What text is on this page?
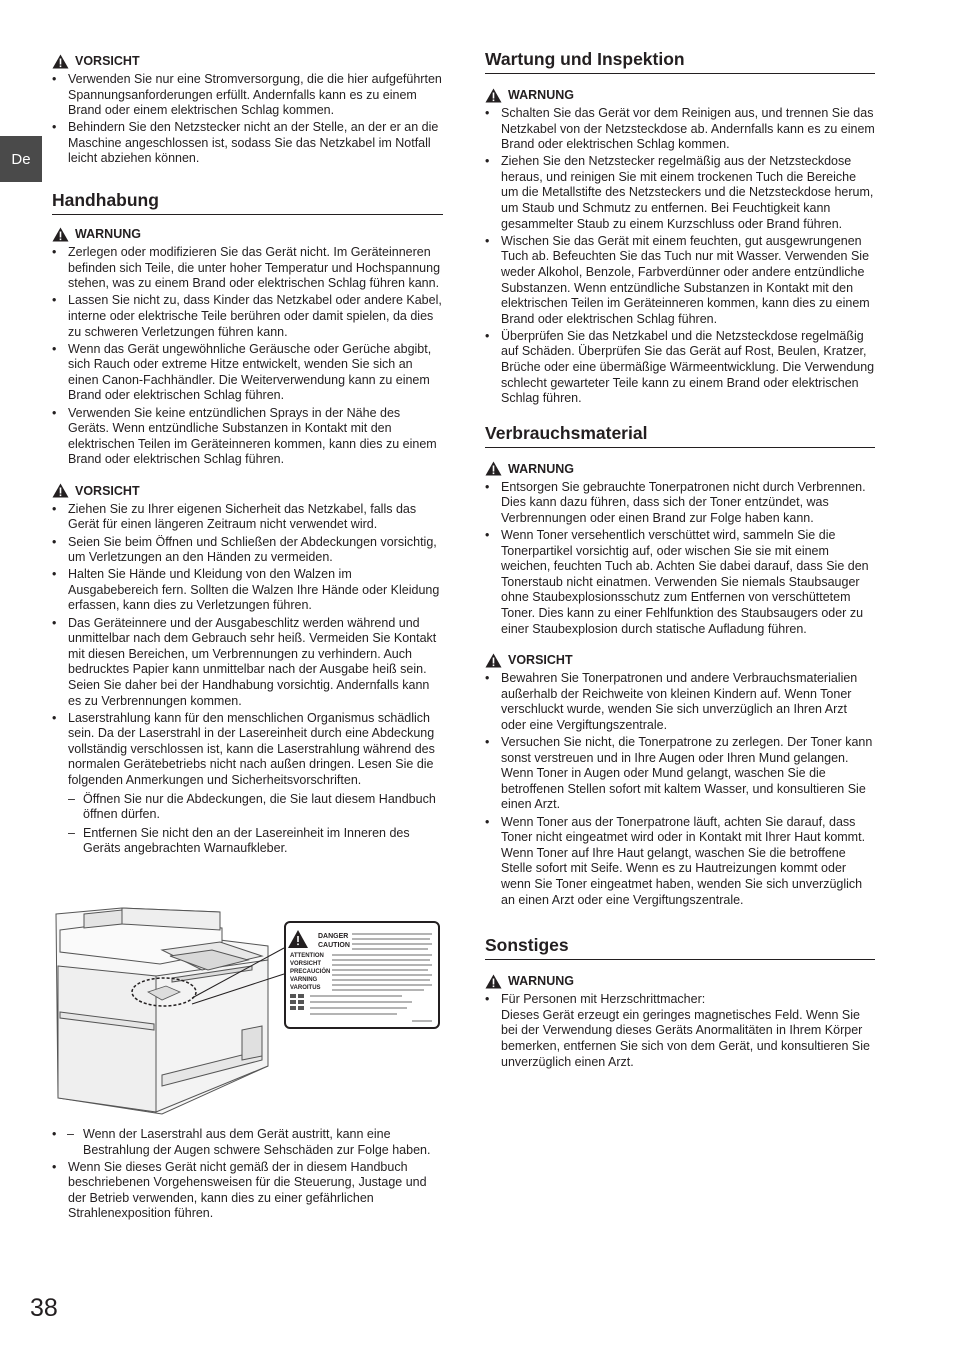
De
VORSICHT
• Verwenden Sie nur eine Stromversorgung, die die hier aufgeführten Spannungsanforderungen erfüllt. Andernfalls kann es zu einem Brand oder einem elektrischen Schlag kommen.
• Behindern Sie den Netzstecker nicht an der Stelle, an der er an die Maschine angeschlossen ist, sodass Sie das Netzkabel im Notfall leicht abziehen können.
Handhabung
WARNUNG
• Zerlegen oder modifizieren Sie das Gerät nicht. Im Geräteinneren befinden sich Teile, die unter hoher Temperatur und Hochspannung stehen, was zu einem Brand oder elektrischen Schlag führen kann.
• Lassen Sie nicht zu, dass Kinder das Netzkabel oder andere Kabel, interne oder elektrische Teile berühren oder damit spielen, da dies zu schweren Verletzungen führen kann.
• Wenn das Gerät ungewöhnliche Geräusche oder Gerüche abgibt, sich Rauch oder extreme Hitze entwickelt, wenden Sie sich an einen Canon-Fachhändler. Die Weiterverwendung kann zu einem Brand oder elektrischen Schlag führen.
• Verwenden Sie keine entzündlichen Sprays in der Nähe des Geräts. Wenn entzündliche Substanzen in Kontakt mit den elektrischen Teilen im Geräteinneren kommen, kann dies zu einem Brand oder elektrischen Schlag führen.
VORSICHT
• Ziehen Sie zu Ihrer eigenen Sicherheit das Netzkabel, falls das Gerät für einen längeren Zeitraum nicht verwendet wird.
• Seien Sie beim Öffnen und Schließen der Abdeckungen vorsichtig, um Verletzungen an den Händen zu vermeiden.
• Halten Sie Hände und Kleidung von den Walzen im Ausgabebereich fern. Sollten die Walzen Ihre Hände oder Kleidung erfassen, kann dies zu Verletzungen führen.
• Das Geräteinnere und der Ausgabeschlitz werden während und unmittelbar nach dem Gebrauch sehr heiß. Vermeiden Sie Kontakt mit diesen Bereichen, um Verbrennungen zu verhindern. Auch bedrucktes Papier kann unmittelbar nach der Ausgabe heiß sein. Seien Sie daher bei der Handhabung vorsichtig. Andernfalls kann es zu Verbrennungen kommen.
• Laserstrahlung kann für den menschlichen Organismus schädlich sein. Da der Laserstrahl in der Lasereinheit durch eine Abdeckung vollständig verschlossen ist, kann die Laserstrahlung während des normalen Gerätebetriebs nicht nach außen dringen. Lesen Sie die folgenden Anmerkungen und Sicherheitsvorschriften.
– Öffnen Sie nur die Abdeckungen, die Sie laut diesem Handbuch öffnen dürfen.
– Entfernen Sie nicht den an der Lasereinheit im Inneren des Geräts angebrachten Warnaufkleber.
DANGER
CAUTION
ATTENTION
VORSICHT
PRECAUCIÓN
VARNING
VAROITUS
• – Wenn der Laserstrahl aus dem Gerät austritt, kann eine Bestrahlung der Augen schwere Sehschäden zur Folge haben.
• Wenn Sie dieses Gerät nicht gemäß der in diesem Handbuch beschriebenen Vorgehensweisen für die Steuerung, Justage und der Betrieb verwenden, kann dies zu einer gefährlichen Strahlenexposition führen.
Wartung und Inspektion
WARNUNG
• Schalten Sie das Gerät vor dem Reinigen aus, und trennen Sie das Netzkabel von der Netzsteckdose ab. Andernfalls kann es zu einem Brand oder elektrischen Schlag kommen.
• Ziehen Sie den Netzstecker regelmäßig aus der Netzsteckdose heraus, und reinigen Sie mit einem trockenen Tuch die Bereiche um die Metallstifte des Netzsteckers und die Netzsteckdose herum, um Staub und Schmutz zu entfernen. Bei Feuchtigkeit kann gesammelter Staub zu einem Kurzschluss oder Brand führen.
• Wischen Sie das Gerät mit einem feuchten, gut ausgewrungenen Tuch ab. Befeuchten Sie das Tuch nur mit Wasser. Verwenden Sie weder Alkohol, Benzole, Farbverdünner oder andere entzündliche Substanzen. Wenn entzündliche Substanzen in Kontakt mit den elektrischen Teilen im Geräteinneren kommen, kann dies zu einem Brand oder elektrischen Schlag führen.
• Überprüfen Sie das Netzkabel und die Netzsteckdose regelmäßig auf Schäden. Überprüfen Sie das Gerät auf Rost, Beulen, Kratzer, Brüche oder eine übermäßige Wärmeentwicklung. Die Verwendung schlecht gewarteter Teile kann zu einem Brand oder elektrischen Schlag führen.
Verbrauchsmaterial
WARNUNG
• Entsorgen Sie gebrauchte Tonerpatronen nicht durch Verbrennen. Dies kann dazu führen, dass sich der Toner entzündet, was Verbrennungen oder einen Brand zur Folge haben kann.
• Wenn Toner versehentlich verschüttet wird, sammeln Sie die Tonerpartikel vorsichtig auf, oder wischen Sie sie mit einem weichen, feuchten Tuch ab. Achten Sie dabei darauf, dass Sie den Tonerstaub nicht einatmen. Verwenden Sie niemals Staubsauger ohne Staubexplosionsschutz zum Entfernen von verschüttetem Toner. Dies kann zu einer Fehlfunktion des Staubsaugers oder zu einer Staubexplosion durch statische Aufladung führen.
VORSICHT
• Bewahren Sie Tonerpatronen und andere Verbrauchsmaterialien außerhalb der Reichweite von kleinen Kindern auf. Wenn Toner verschluckt wurde, wenden Sie sich unverzüglich an Ihren Arzt oder eine Vergiftungszentrale.
• Versuchen Sie nicht, die Tonerpatrone zu zerlegen. Der Toner kann sonst verstreuen und in Ihre Augen oder Ihren Mund gelangen. Wenn Toner in Augen oder Mund gelangt, waschen Sie die betroffenen Stellen sofort mit kaltem Wasser, und konsultieren Sie einen Arzt.
• Wenn Toner aus der Tonerpatrone läuft, achten Sie darauf, dass Toner nicht eingeatmet wird oder in Kontakt mit Ihrer Haut kommt. Wenn Toner auf Ihre Haut gelangt, waschen Sie die betroffene Stelle sofort mit Seife. Wenn es zu Hautreizungen kommt oder wenn Sie Toner eingeatmet haben, wenden Sie sich unverzüglich an einen Arzt oder eine Vergiftungszentrale.
Sonstiges
WARNUNG
• Für Personen mit Herzschrittmacher:
Dieses Gerät erzeugt ein geringes magnetisches Feld. Wenn Sie bei der Verwendung dieses Geräts Anormalitäten in Ihrem Körper bemerken, entfernen Sie sich von dem Gerät, und konsultieren Sie unverzüglich einen Arzt.
38
